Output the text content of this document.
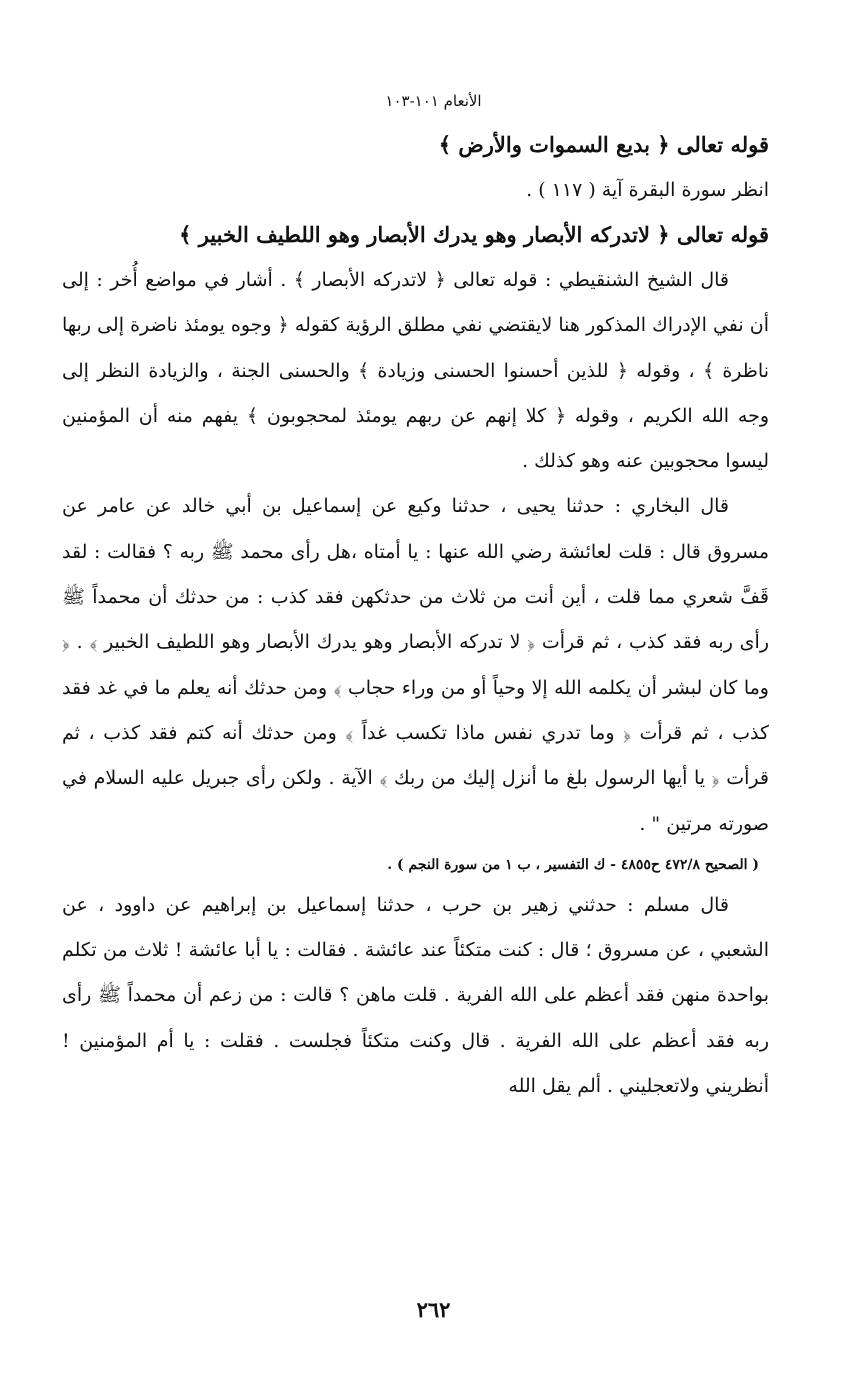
الأنعام ١٠١-١٠٣

قوله تعالى ﴿ بديع السموات والأرض ﴾

انظر سورة البقرة آية ( ١١٧ ) .

قوله تعالى ﴿ لاتدركه الأبصار وهو يدرك الأبصار وهو اللطيف الخبير ﴾

قال الشيخ الشنقيطي : قوله تعالى ﴿ لاتدركه الأبصار ﴾ . أشار في مواضع أُخر : إلى أن نفي الإدراك المذكور هنا لايقتضي نفي مطلق الرؤية كقوله ﴿ وجوه يومئذ ناضرة إلى ربها ناظرة ﴾ ، وقوله ﴿ للذين أحسنوا الحسنى وزيادة ﴾ والحسنى الجنة ، والزيادة النظر إلى وجه الله الكريم ، وقوله ﴿ كلا إنهم عن ربهم يومئذ لمحجوبون ﴾ يفهم منه أن المؤمنين ليسوا محجوبين عنه وهو كذلك .

قال البخاري : حدثنا يحيى ، حدثنا وكيع عن إسماعيل بن أبي خالد عن عامر عن مسروق قال : قلت لعائشة رضي الله عنها : يا أمتاه ،هل رأى محمد ﷺ ربه ؟ فقالت : لقد قَفَّ شعري مما قلت ، أين أنت من ثلاث من حدثكهن فقد كذب : من حدثك أن محمداً ﷺ رأى ربه فقد كذب ، ثم قرأت ﴿ لا تدركه الأبصار وهو يدرك الأبصار وهو اللطيف الخبير ﴾ . ﴿ وما كان لبشر أن يكلمه الله إلا وحياً أو من وراء حجاب ﴾ ومن حدثك أنه يعلم ما في غد فقد كذب ، ثم قرأت ﴿ وما تدري نفس ماذا تكسب غداً ﴾ ومن حدثك أنه كتم فقد كذب ، ثم قرأت ﴿ يا أيها الرسول بلغ ما أنزل إليك من ربك ﴾ الآية . ولكن رأى جبريل عليه السلام في صورته مرتين " .

( الصحيح ٤٧٢/٨ ح٤٨٥٥ - ك التفسير ، ب ١ من سورة النجم ) .

قال مسلم : حدثني زهير بن حرب ، حدثنا إسماعيل بن إبراهيم عن داوود ، عن الشعبي ، عن مسروق ؛ قال : كنت متكئاً عند عائشة . فقالت : يا أبا عائشة ! ثلاث من تكلم بواحدة منهن فقد أعظم على الله الفرية . قلت ماهن ؟ قالت : من زعم أن محمداً ﷺ رأى ربه فقد أعظم على الله الفرية . قال وكنت متكئاً فجلست . فقلت : يا أم المؤمنين ! أنظريني ولاتعجليني . ألم يقل الله

٢٦٢
